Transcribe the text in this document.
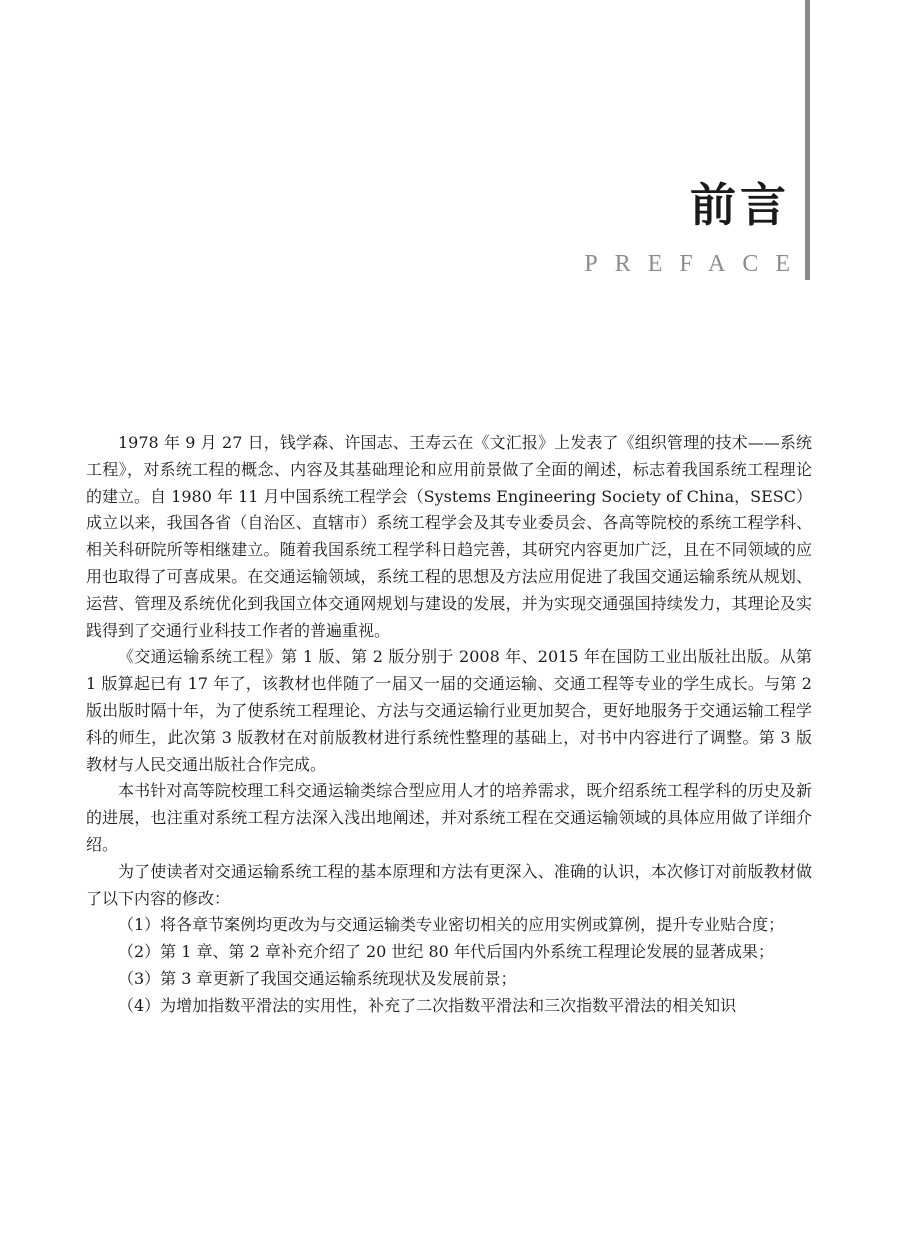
前言
PREFACE

1978 年 9 月 27 日，钱学森、许国志、王寿云在《文汇报》上发表了《组织管理的技术——系统工程》，对系统工程的概念、内容及其基础理论和应用前景做了全面的阐述，标志着我国系统工程理论的建立。自 1980 年 11 月中国系统工程学会（Systems Engineering Society of China，SESC）成立以来，我国各省（自治区、直辖市）系统工程学会及其专业委员会、各高等院校的系统工程学科、相关科研院所等相继建立。随着我国系统工程学科日趋完善，其研究内容更加广泛，且在不同领域的应用也取得了可喜成果。在交通运输领域，系统工程的思想及方法应用促进了我国交通运输系统从规划、运营、管理及系统优化到我国立体交通网规划与建设的发展，并为实现交通强国持续发力，其理论及实践得到了交通行业科技工作者的普遍重视。

《交通运输系统工程》第 1 版、第 2 版分别于 2008 年、2015 年在国防工业出版社出版。从第 1 版算起已有 17 年了，该教材也伴随了一届又一届的交通运输、交通工程等专业的学生成长。与第 2 版出版时隔十年，为了使系统工程理论、方法与交通运输行业更加契合，更好地服务于交通运输工程学科的师生，此次第 3 版教材在对前版教材进行系统性整理的基础上，对书中内容进行了调整。第 3 版教材与人民交通出版社合作完成。

本书针对高等院校理工科交通运输类综合型应用人才的培养需求，既介绍系统工程学科的历史及新的进展，也注重对系统工程方法深入浅出地阐述，并对系统工程在交通运输领域的具体应用做了详细介绍。

为了使读者对交通运输系统工程的基本原理和方法有更深入、准确的认识，本次修订对前版教材做了以下内容的修改：

（1）将各章节案例均更改为与交通运输类专业密切相关的应用实例或算例，提升专业贴合度；

（2）第 1 章、第 2 章补充介绍了 20 世纪 80 年代后国内外系统工程理论发展的显著成果；

（3）第 3 章更新了我国交通运输系统现状及发展前景；

（4）为增加指数平滑法的实用性，补充了二次指数平滑法和三次指数平滑法的相关知识
